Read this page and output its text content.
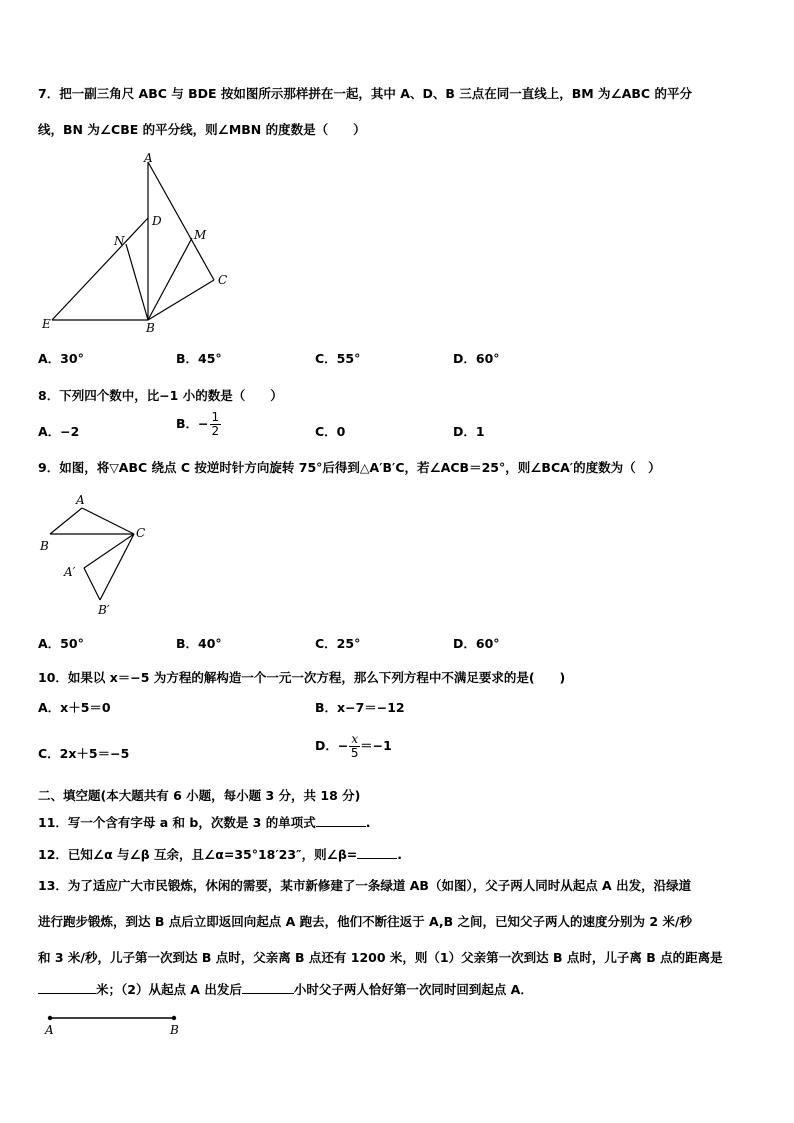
7．把一副三角尺 ABC 与 BDE 按如图所示那样拼在一起，其中 A、D、B 三点在同一直线上，BM 为∠ABC 的平分
线，BN 为∠CBE 的平分线，则∠MBN 的度数是（　　）
A
D
N	M
C
E	B
A．30°	B．45°	C．55°	D．60°
8．下列四个数中，比−1 小的数是（　　）
A．−2
B．− $\frac{1}{2}$	C．0	D．1
9．如图，将▽ABC 绕点 C 按逆时针方向旋转 75°后得到△A′B′C，若∠ACB＝25°，则∠BCA′的度数为（　）
A
B
C
A′
B′
A．50°	B．40°	C．25°	D．60°
10．如果以 x＝−5 为方程的解构造一个一元一次方程，那么下列方程中不满足要求的是(　　)
A．x＋5＝0	B．x−7＝−12
C．2x＋5＝−5
D．− $\frac{x}{5} =-1$
二、填空题(本大题共有 6 小题，每小题 3 分，共 18 分)
11．写一个含有字母 a 和 b，次数是 3 的单项式	.
12．已知∠α 与∠β 互余，且∠α=35°18′23″，则∠β=	.
13．为了适应广大市民锻炼，休闲的需要，某市新修建了一条绿道 AB（如图），父子两人同时从起点 A 出发，沿绿道
进行跑步锻炼，到达 B 点后立即返回向起点 A 跑去，他们不断往返于 A,B 之间，已知父子两人的速度分别为 2 米/秒
和 3 米/秒，儿子第一次到达 B 点时，父亲离 B 点还有 1200 米，则（1）父亲第一次到达 B 点时，儿子离 B 点的距离是
米；（2）从起点 A 出发后	小时父子两人恰好第一次同时回到起点 A．
A	B
